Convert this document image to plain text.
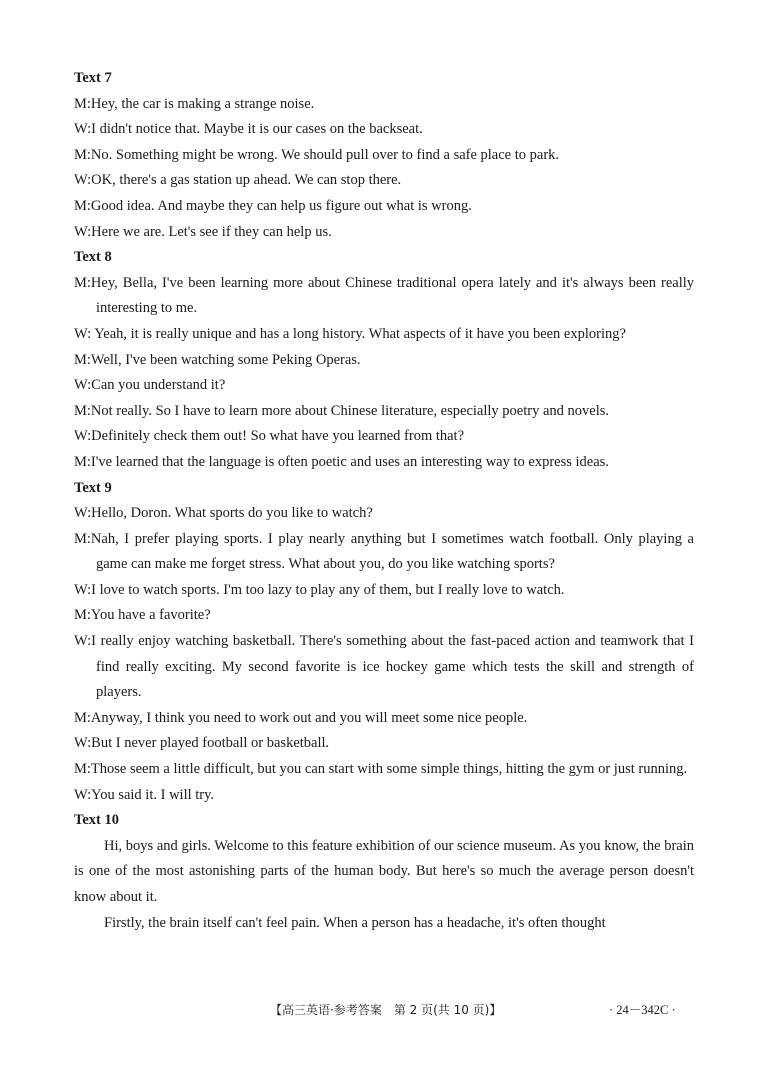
Text 7
M:Hey, the car is making a strange noise.
W:I didn't notice that. Maybe it is our cases on the backseat.
M:No. Something might be wrong. We should pull over to find a safe place to park.
W:OK, there's a gas station up ahead. We can stop there.
M:Good idea. And maybe they can help us figure out what is wrong.
W:Here we are. Let's see if they can help us.
Text 8
M:Hey, Bella, I've been learning more about Chinese traditional opera lately and it's always been really interesting to me.
W: Yeah, it is really unique and has a long history. What aspects of it have you been exploring?
M:Well, I've been watching some Peking Operas.
W:Can you understand it?
M:Not really. So I have to learn more about Chinese literature, especially poetry and novels.
W:Definitely check them out! So what have you learned from that?
M:I've learned that the language is often poetic and uses an interesting way to express ideas.
Text 9
W:Hello, Doron. What sports do you like to watch?
M:Nah, I prefer playing sports. I play nearly anything but I sometimes watch football. Only playing a game can make me forget stress. What about you, do you like watching sports?
W:I love to watch sports. I'm too lazy to play any of them, but I really love to watch.
M:You have a favorite?
W:I really enjoy watching basketball. There's something about the fast-paced action and teamwork that I find really exciting. My second favorite is ice hockey game which tests the skill and strength of players.
M:Anyway, I think you need to work out and you will meet some nice people.
W:But I never played football or basketball.
M:Those seem a little difficult, but you can start with some simple things, hitting the gym or just running.
W:You said it. I will try.
Text 10
Hi, boys and girls. Welcome to this feature exhibition of our science museum. As you know, the brain is one of the most astonishing parts of the human body. But here's so much the average person doesn't know about it.
Firstly, the brain itself can't feel pain. When a person has a headache, it's often thought
【高三英语·参考答案　第 2 页(共 10 页)】	· 24－342C ·
